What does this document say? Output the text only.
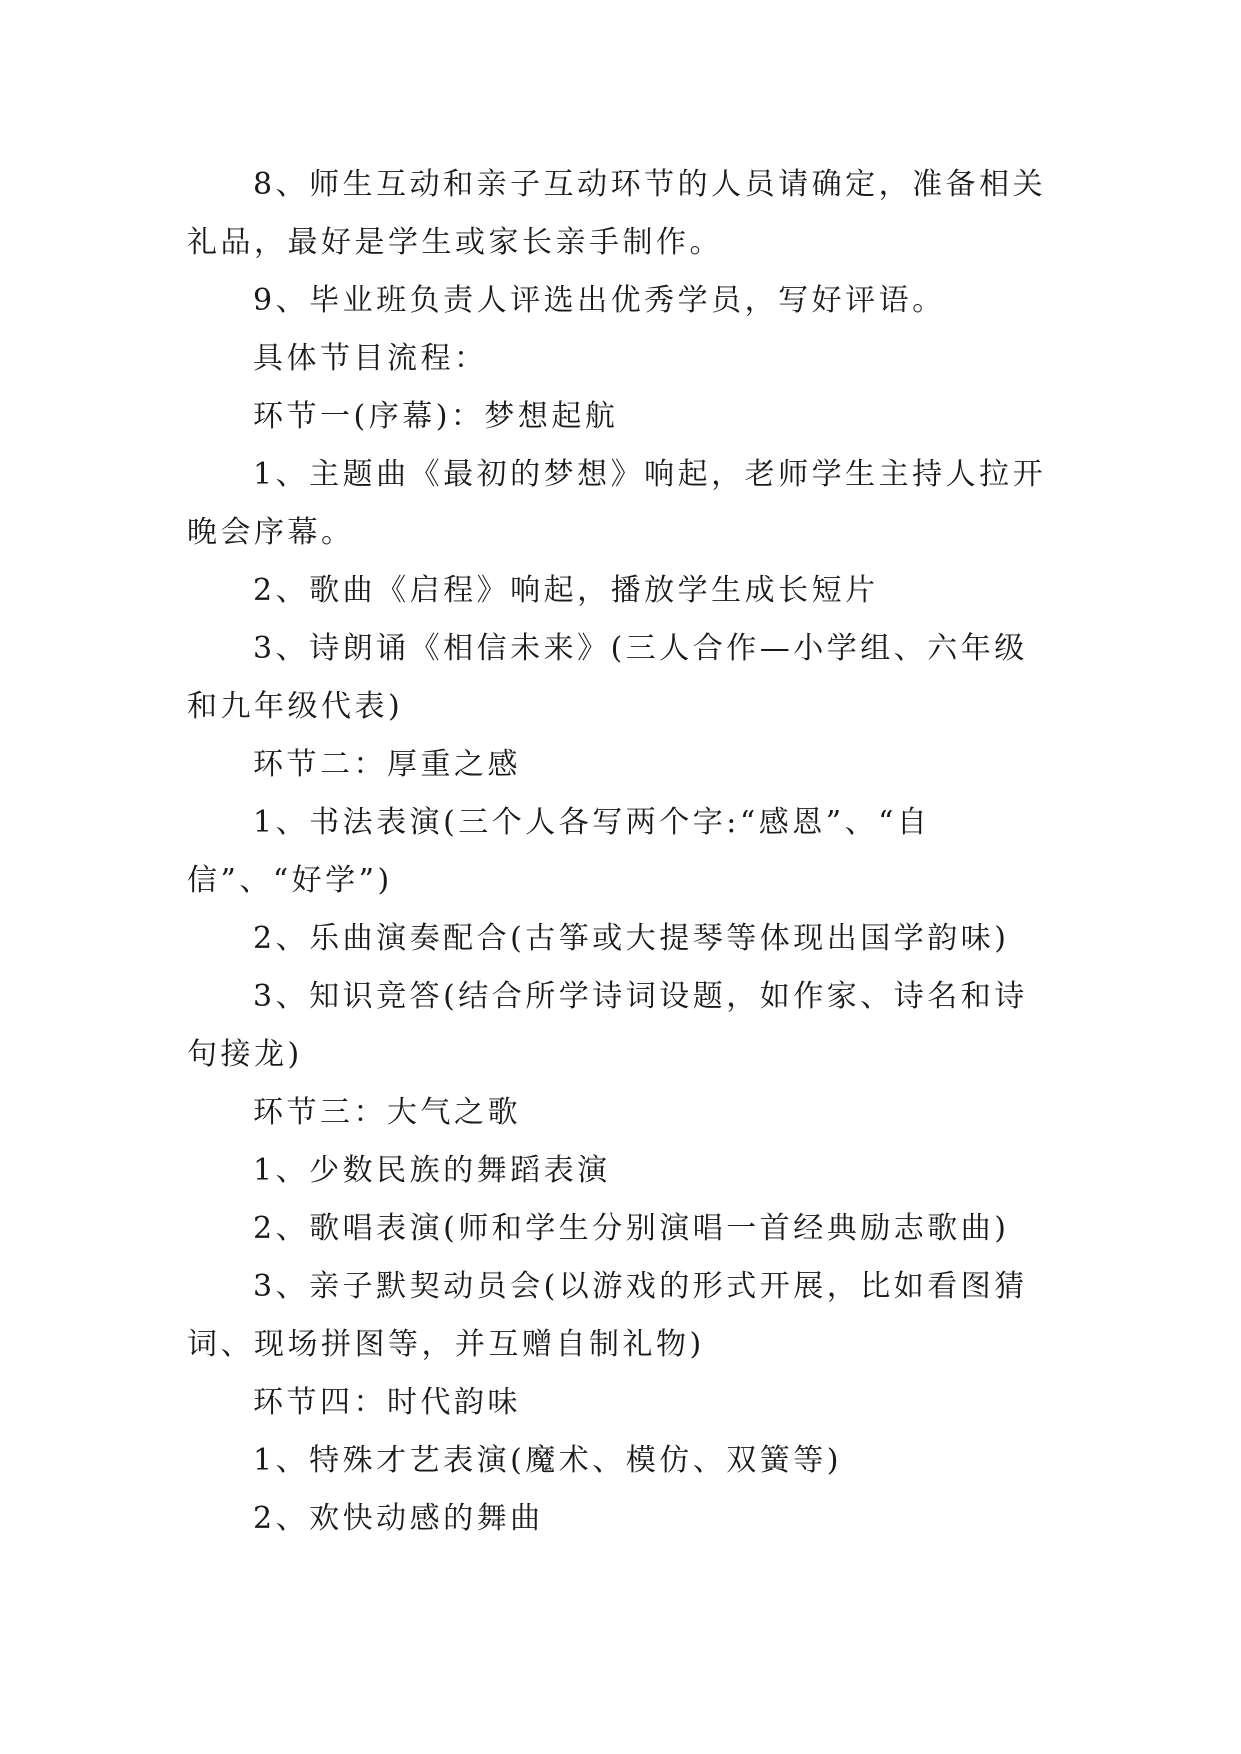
8、师生互动和亲子互动环节的人员请确定，准备相关礼品，最好是学生或家长亲手制作。

9、毕业班负责人评选出优秀学员，写好评语。

具体节目流程：

环节一(序幕)：梦想起航

1、主题曲《最初的梦想》响起，老师学生主持人拉开晚会序幕。

2、歌曲《启程》响起，播放学生成长短片

3、诗朗诵《相信未来》(三人合作—小学组、六年级和九年级代表)

环节二：厚重之感

1、书法表演(三个人各写两个字:“感恩”、“自信”、“好学”)

2、乐曲演奏配合(古筝或大提琴等体现出国学韵味)

3、知识竞答(结合所学诗词设题，如作家、诗名和诗句接龙)

环节三：大气之歌

1、少数民族的舞蹈表演

2、歌唱表演(师和学生分别演唱一首经典励志歌曲)

3、亲子默契动员会(以游戏的形式开展，比如看图猜词、现场拼图等，并互赠自制礼物)

环节四：时代韵味

1、特殊才艺表演(魔术、模仿、双簧等)

2、欢快动感的舞曲
